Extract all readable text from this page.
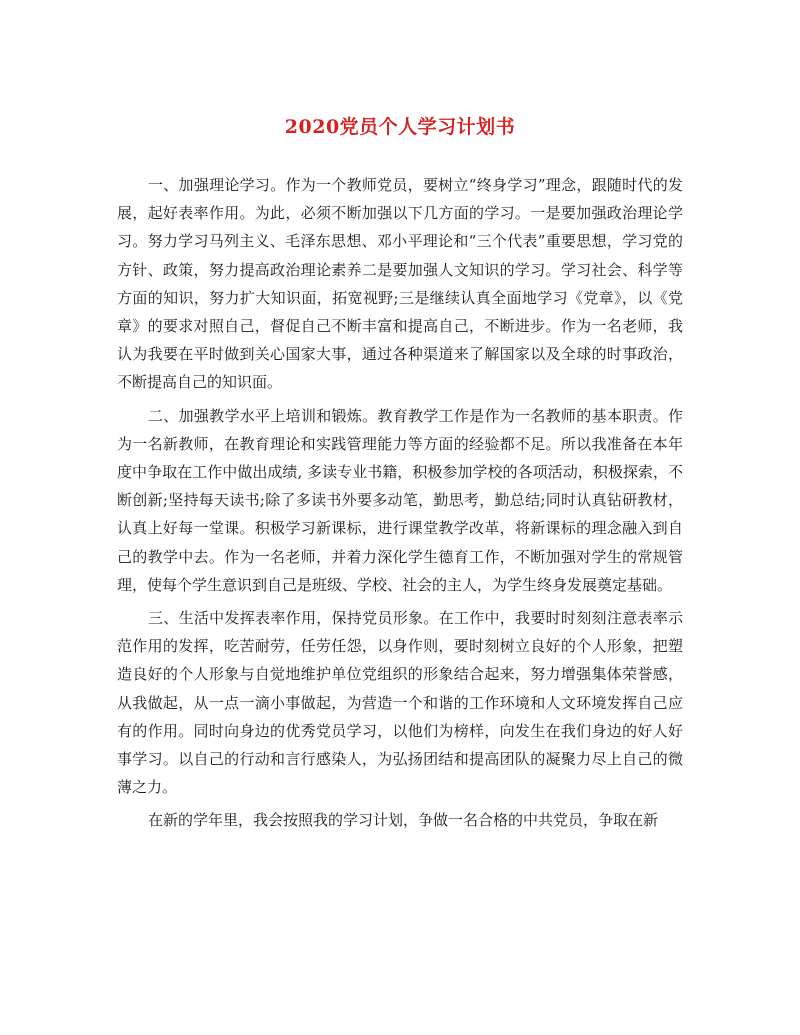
2020党员个人学习计划书

一、加强理论学习。作为一个教师党员，要树立“终身学习”理念，跟随时代的发展，起好表率作用。为此，必须不断加强以下几方面的学习。一是要加强政治理论学习。努力学习马列主义、毛泽东思想、邓小平理论和“三个代表”重要思想，学习党的方针、政策，努力提高政治理论素养二是要加强人文知识的学习。学习社会、科学等方面的知识，努力扩大知识面，拓宽视野;三是继续认真全面地学习《党章》，以《党章》的要求对照自己，督促自己不断丰富和提高自己，不断进步。作为一名老师，我认为我要在平时做到关心国家大事，通过各种渠道来了解国家以及全球的时事政治，不断提高自己的知识面。

二、加强教学水平上培训和锻炼。教育教学工作是作为一名教师的基本职责。作为一名新教师，在教育理论和实践管理能力等方面的经验都不足。所以我准备在本年度中争取在工作中做出成绩, 多读专业书籍，积极参加学校的各项活动，积极探索，不断创新;坚持每天读书;除了多读书外要多动笔，勤思考，勤总结;同时认真钻研教材，认真上好每一堂课。积极学习新课标，进行课堂教学改革，将新课标的理念融入到自己的教学中去。作为一名老师，并着力深化学生德育工作，不断加强对学生的常规管理，使每个学生意识到自己是班级、学校、社会的主人，为学生终身发展奠定基础。

三、生活中发挥表率作用，保持党员形象。在工作中，我要时时刻刻注意表率示范作用的发挥，吃苦耐劳，任劳任怨，以身作则，要时刻树立良好的个人形象，把塑造良好的个人形象与自觉地维护单位党组织的形象结合起来，努力增强集体荣誉感，从我做起，从一点一滴小事做起，为营造一个和谐的工作环境和人文环境发挥自己应有的作用。同时向身边的优秀党员学习，以他们为榜样，向发生在我们身边的好人好事学习。以自己的行动和言行感染人，为弘扬团结和提高团队的凝聚力尽上自己的微薄之力。

在新的学年里，我会按照我的学习计划，争做一名合格的中共党员，争取在新
